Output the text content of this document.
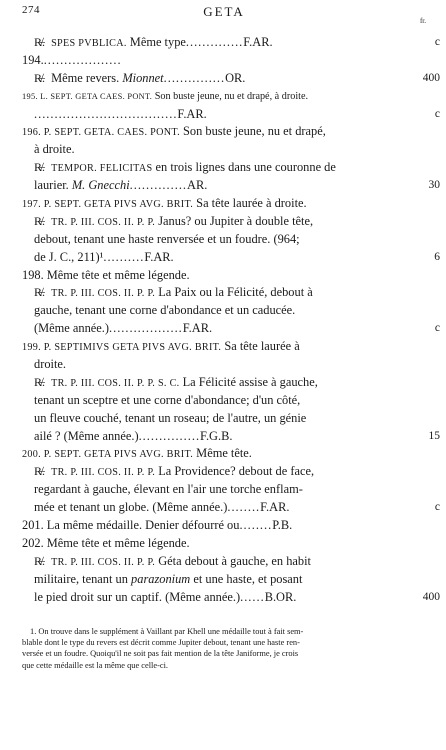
274	GETA
fr.
R̶̸. SPES PVBLICA. Même type..............F.AR.	c
194....................
R̶̸. Même revers. Mionnet...............OR.	400
195. L. SEPT. GETA CAES. PONT. Son buste jeune, nu et drapé, à droite.
...................................F.AR.	c
196. P. SEPT. GETA. CAES. PONT. Son buste jeune, nu et drapé,
à droite.
R̶̸. TEMPOR. FELICITAS en trois lignes dans une couronne de
laurier. M. Gnecchi..............AR.	30
197. P. SEPT. GETA PIVS AVG. BRIT. Sa tête laurée à droite.
R̶̸. TR. P. III. COS. II. P. P. Janus? ou Jupiter à double tête,
debout, tenant une haste renversée et un foudre. (964;
de J. C., 211)¹..........F.AR.	6
198. Même tête et même légende.
R̶̸. TR. P. III. COS. II. P. P. La Paix ou la Félicité, debout à
gauche, tenant une corne d'abondance et un caducée.
(Même année.)..................F.AR.	c
199. P. SEPTIMIVS GETA PIVS AVG. BRIT. Sa tête laurée à
droite.
R̶̸. TR. P. III. COS. II. P. P. S. C. La Félicité assise à gauche,
tenant un sceptre et une corne d'abondance; d'un côté,
un fleuve couché, tenant un roseau; de l'autre, un génie
ailé ? (Même année.)...............F.G.B.	15
200. P. SEPT. GETA PIVS AVG. BRIT. Même tête.
R̶̸. TR. P. III. COS. II. P. P. La Providence? debout de face,
regardant à gauche, élevant en l'air une torche enflam-
mée et tenant un globe. (Même année.)........F.AR.	c
201. La même médaille. Denier défourré ou........P.B.
202. Même tête et même légende.
R̶̸. TR. P. III. COS. II. P. P. Géta debout à gauche, en habit
militaire, tenant un parazonium et une haste, et posant
le pied droit sur un captif. (Même année.)......B.OR.	400
1. On trouve dans le supplément à Vaillant par Khell une médaille tout à fait sem-
blable dont le type du revers est décrit comme Jupiter debout, tenant une haste ren-
versée et un foudre. Quoiqu'il ne soit pas fait mention de la tête Janiforme, je crois
que cette médaille est la même que celle-ci.
